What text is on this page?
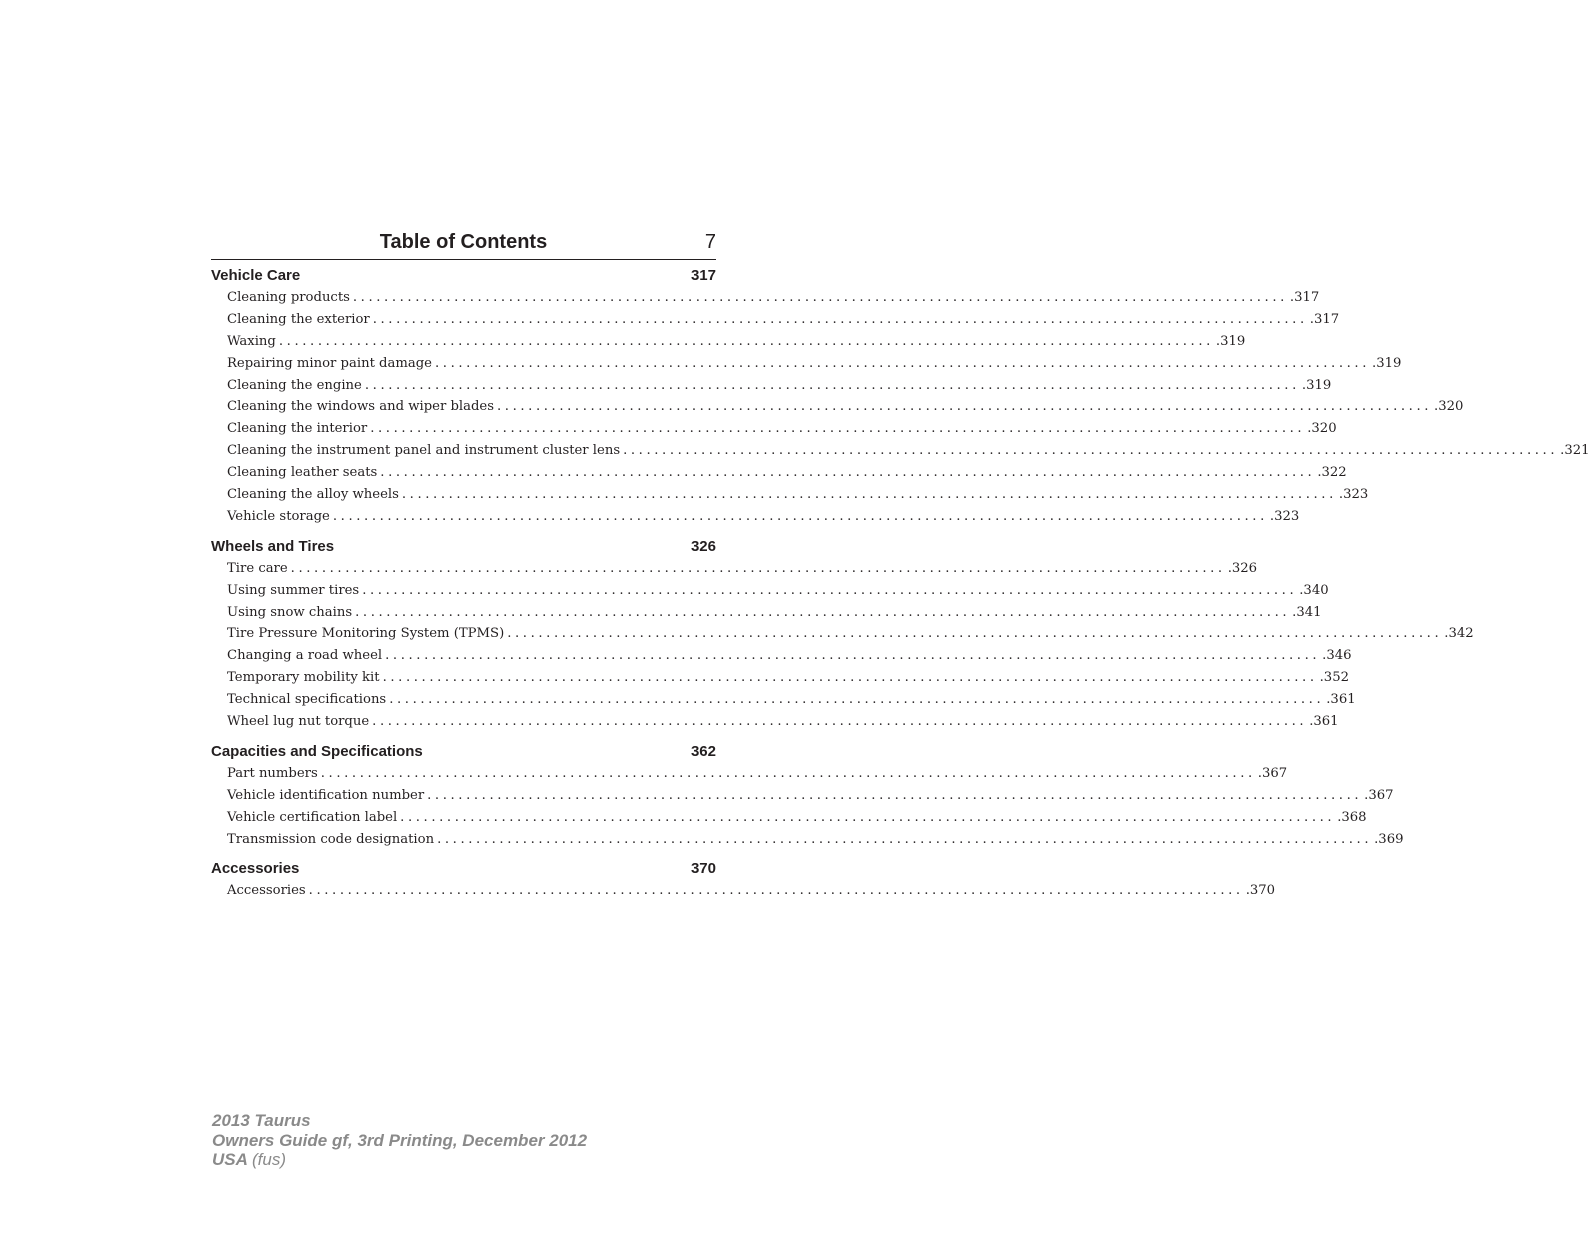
Table of Contents	7
Vehicle Care	317
Cleaning products ........................................................................................................................ .317
Cleaning the exterior ........................................................................................................................ .317
Waxing ........................................................................................................................ .319
Repairing minor paint damage ........................................................................................................................ .319
Cleaning the engine ........................................................................................................................ .319
Cleaning the windows and wiper blades ........................................................................................................................ .320
Cleaning the interior ........................................................................................................................ .320
Cleaning the instrument panel and instrument cluster lens ........................................................................................................................ .321
Cleaning leather seats ........................................................................................................................ .322
Cleaning the alloy wheels ........................................................................................................................ .323
Vehicle storage ........................................................................................................................ .323
Wheels and Tires	326
Tire care ........................................................................................................................ .326
Using summer tires ........................................................................................................................ .340
Using snow chains ........................................................................................................................ .341
Tire Pressure Monitoring System (TPMS) ........................................................................................................................ .342
Changing a road wheel ........................................................................................................................ .346
Temporary mobility kit ........................................................................................................................ .352
Technical specifications ........................................................................................................................ .361
Wheel lug nut torque ........................................................................................................................ .361
Capacities and Specifications	362
Part numbers ........................................................................................................................ .367
Vehicle identification number ........................................................................................................................ .367
Vehicle certification label ........................................................................................................................ .368
Transmission code designation ........................................................................................................................ .369
Accessories	370
Accessories ........................................................................................................................ .370
2013 Taurus
Owners Guide gf, 3rd Printing, December 2012
USA (fus)
